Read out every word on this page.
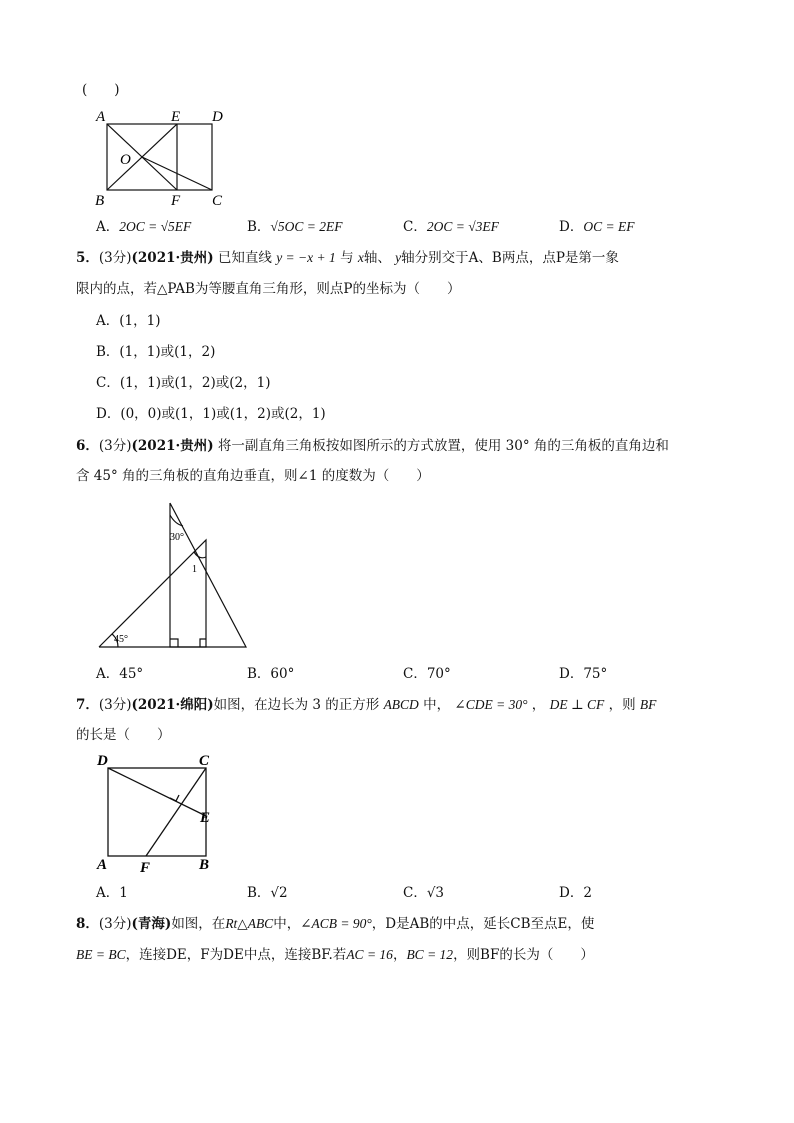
(　　)
A	E D
O
B	F C
A．2OC = √5EF	B．√5OC = 2EF	C．2OC = √3EF	D．OC = EF
5．(3分)(2021·贵州) 已知直线 y = −x + 1 与 x轴、 y轴分别交于A、B两点，点P是第一象
限内的点，若△PAB为等腰直角三角形，则点P的坐标为（　　）
A．(1，1)
B．(1，1)或(1，2)
C．(1，1)或(1，2)或(2，1)
D．(0，0)或(1，1)或(1，2)或(2，1)
6．(3分)(2021·贵州) 将一副直角三角板按如图所示的方式放置，使用 30° 角的三角板的直角边和
含 45° 角的三角板的直角边垂直，则∠1 的度数为（　　）
30°
1
45°
A．45°	B．60°	C．70°	D．75°
7．(3分)(2021·绵阳)如图，在边长为 3 的正方形 ABCD 中， ∠CDE = 30° ， DE ⊥ CF ，则 BF
的长是（　　）
D	C
E
A F	B
A．1	B．√2	C．√3	D．2
8．(3分)(青海)如图，在Rt△ABC中，∠ACB = 90°，D是AB的中点，延长CB至点E，使
BE = BC，连接DE，F为DE中点，连接BF.若AC = 16，BC = 12，则BF的长为（　　）
